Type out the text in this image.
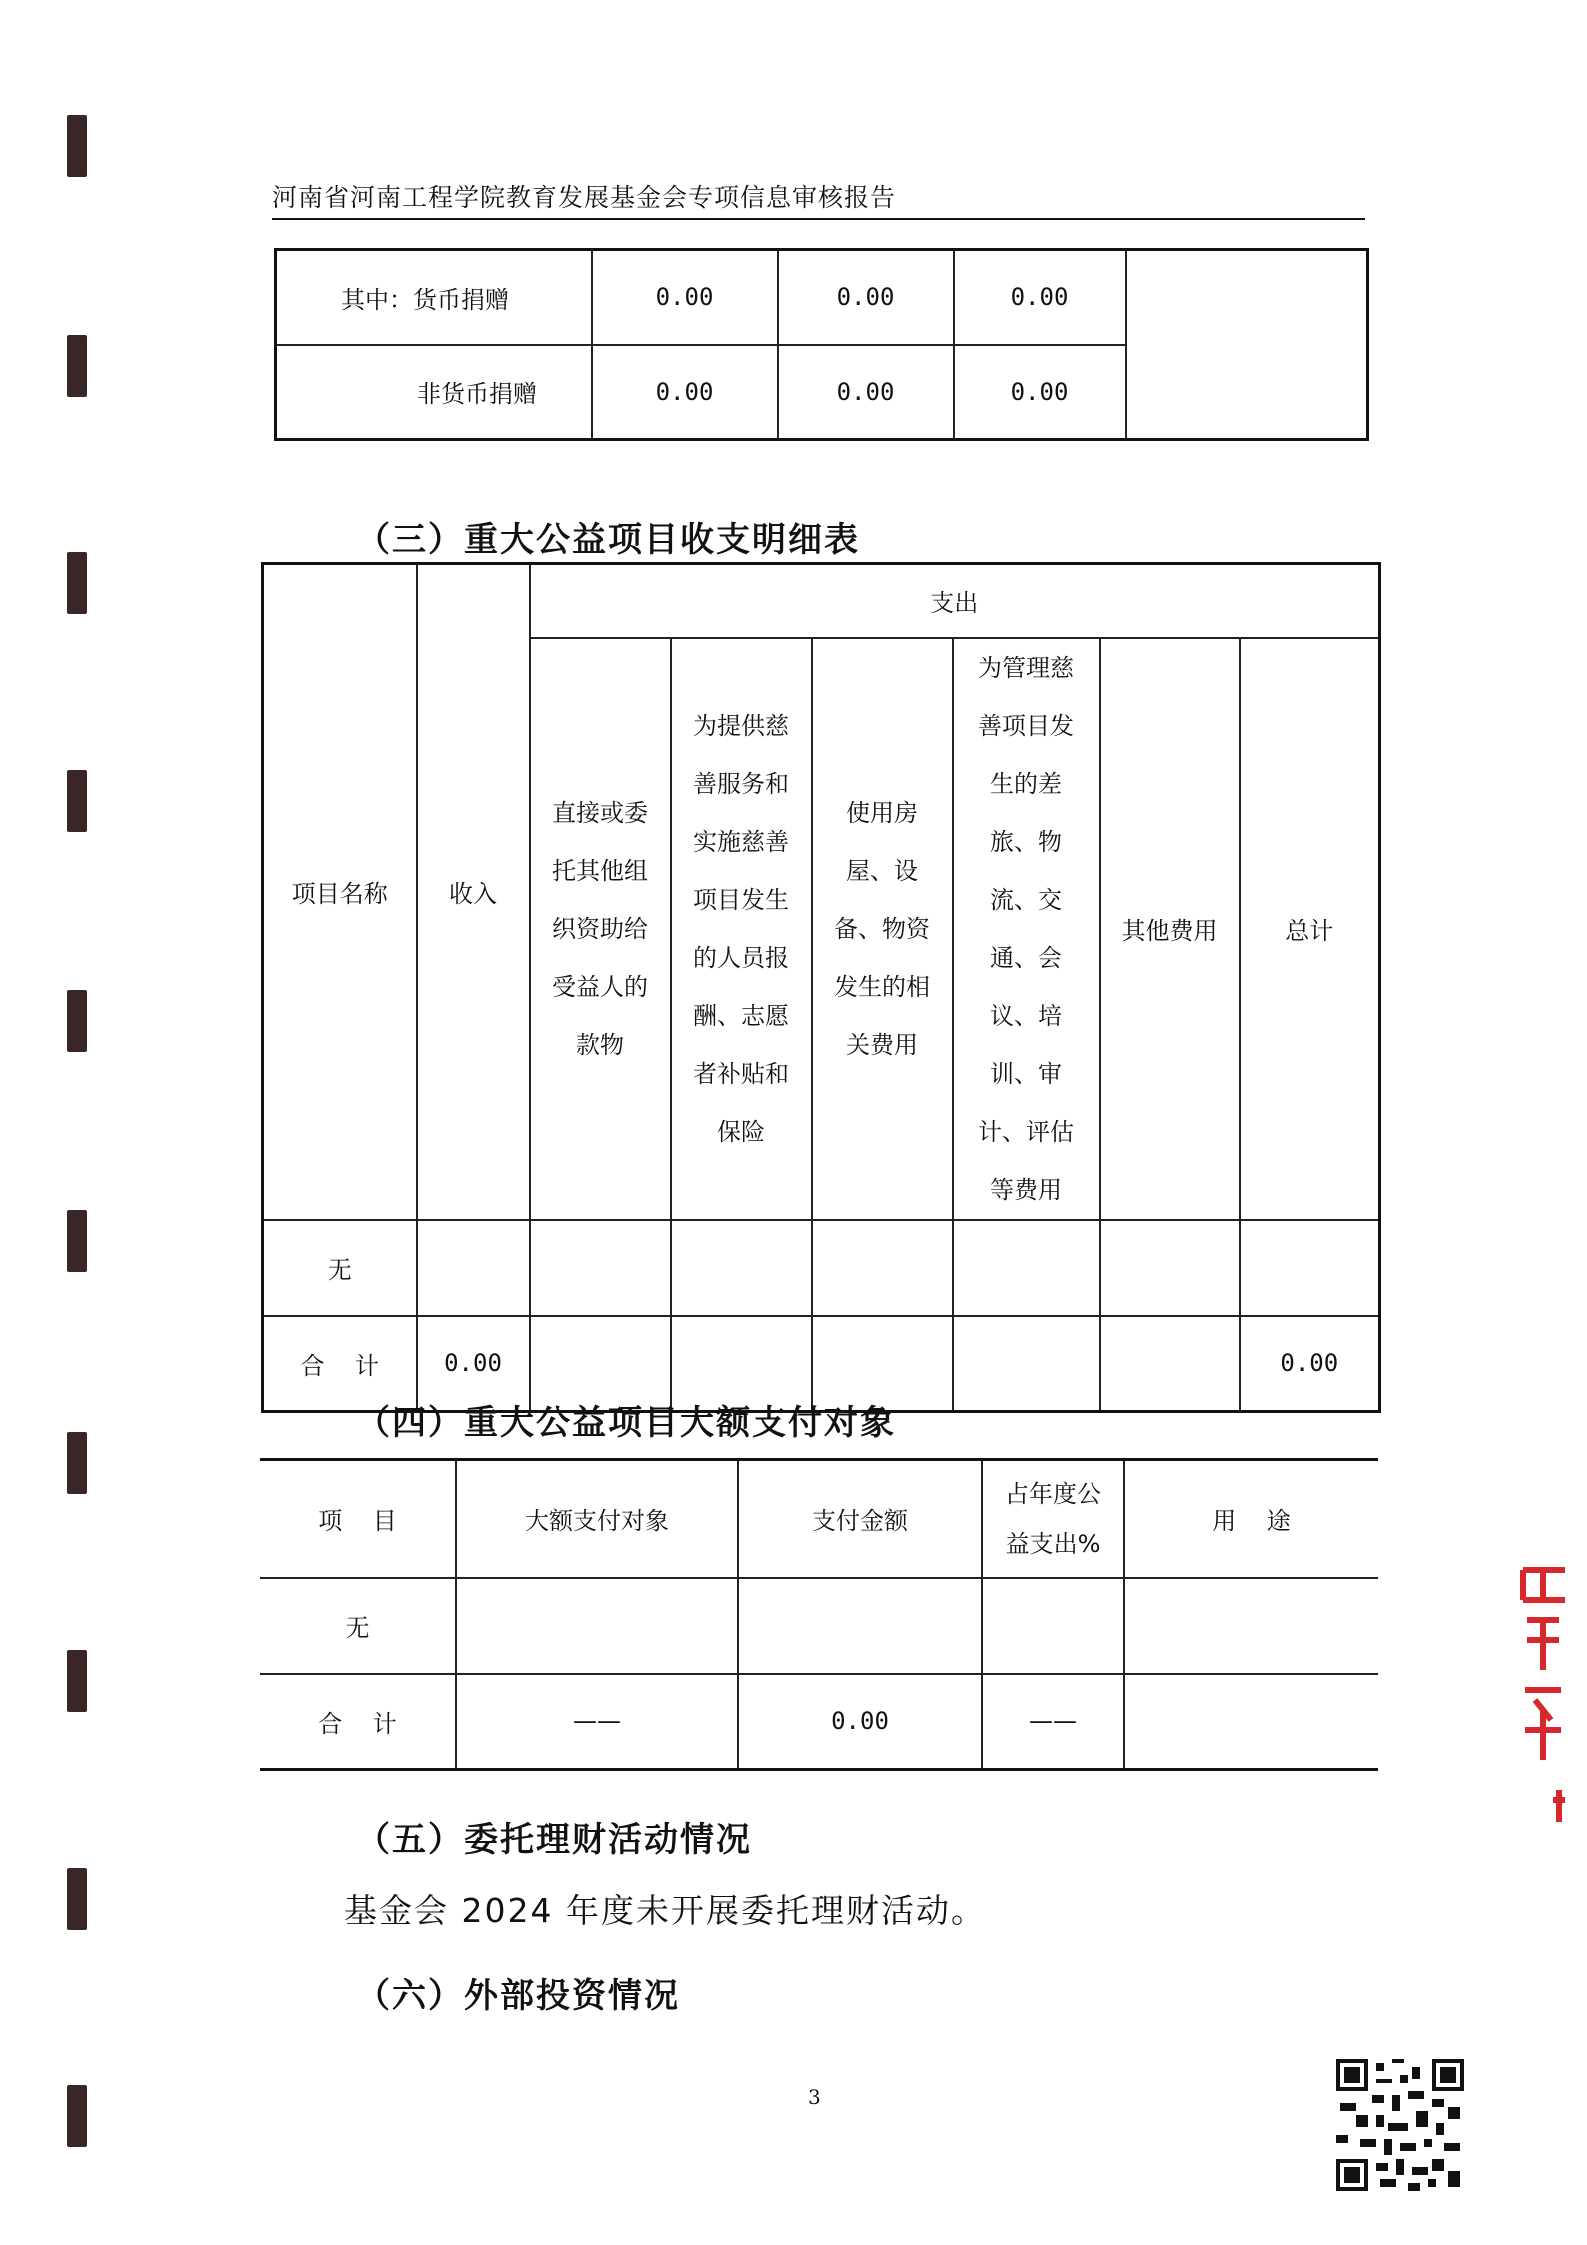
河南省河南工程学院教育发展基金会专项信息审核报告
其中：货币捐赠	0.00	0.00	0.00	
非货币捐赠	0.00	0.00	0.00	
（三）重大公益项目收支明细表
项目名称	收入	支出					
		直接或委托其他组织资助给受益人的款物	为提供慈善服务和实施慈善项目发生的人员报酬、志愿者补贴和保险	使用房屋、设备、物资发生的相关费用	为管理慈善项目发生的差旅、物流、交通、会议、培训、审计、评估等费用	其他费用	总计
无							
合    计	0.00						0.00
（四）重大公益项目大额支付对象
项    目	大额支付对象	支付金额	占年度公益支出%	用    途
无				
合    计	——	0.00	——	
（五）委托理财活动情况
基金会 2024 年度未开展委托理财活动。
（六）外部投资情况
3
